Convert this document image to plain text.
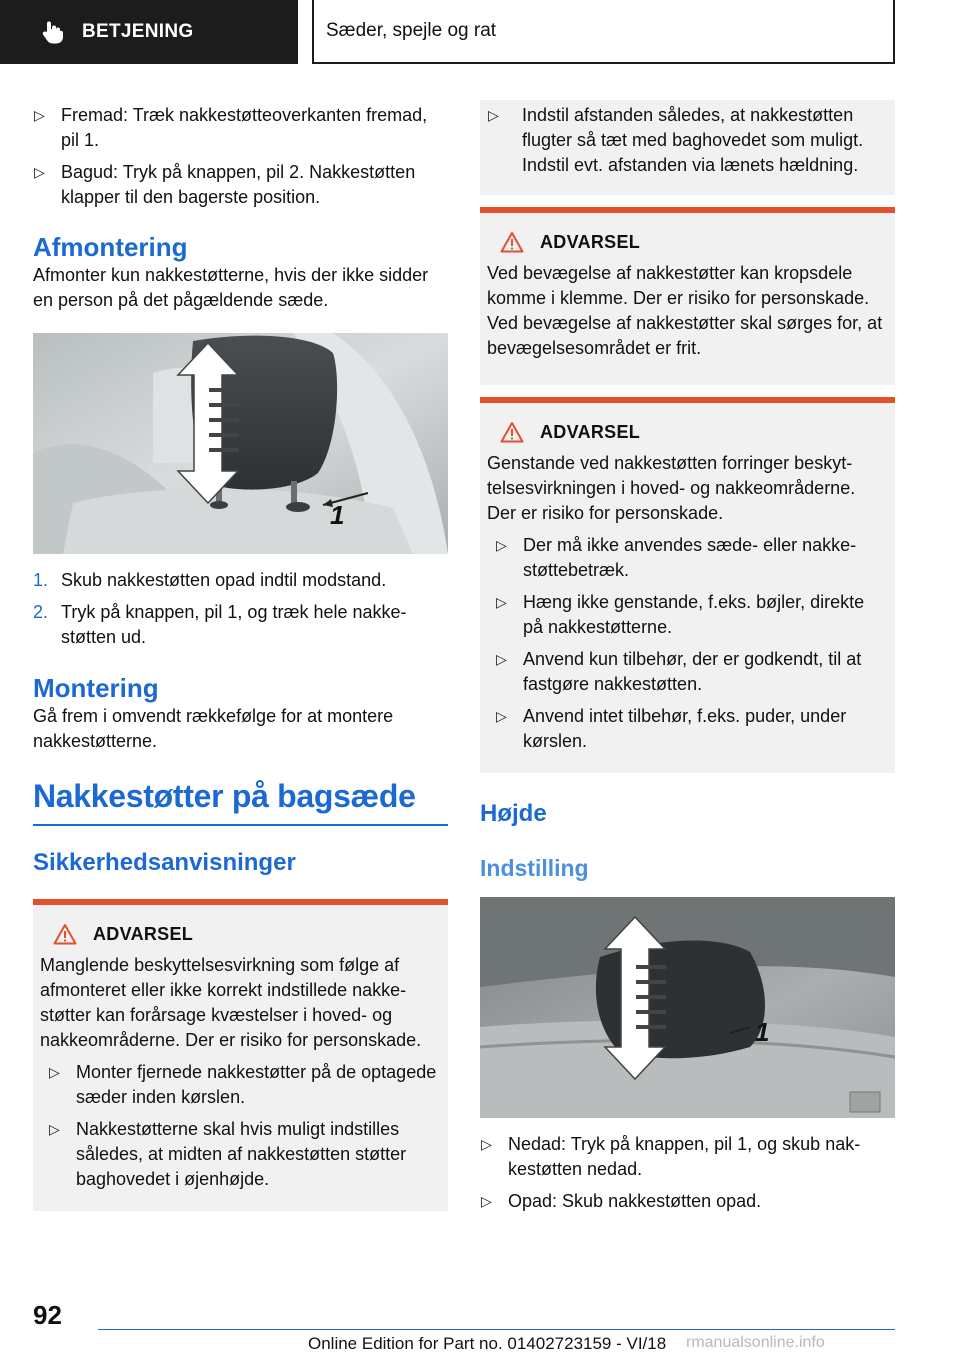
BETJENING	Sæder, spejle og rat
▷ Fremad: Træk nakkestøtteoverkanten fremad, pil 1.
▷ Bagud: Tryk på knappen, pil 2. Nakkestøtten klapper til den bagerste position.
Afmontering

Afmonter kun nakkestøtterne, hvis der ikke sidder en person på det pågældende sæde.

1
1. Skub nakkestøtten opad indtil modstand.
2. Tryk på knappen, pil 1, og træk hele nakkestøtten ud.
Montering

Gå frem i omvendt rækkefølge for at montere nakkestøtterne.

Nakkestøtter på bagsæde
Sikkerhedsanvisninger
ADVARSEL

Manglende beskyttelsesvirkning som følge af afmonteret eller ikke korrekt indstillede nakkestøtter kan forårsage kvæstelser i hoved- og nakkeområderne. Der er risiko for personskade.

▷ Monter fjernede nakkestøtter på de optagede sæder inden kørslen.
▷ Nakkestøtterne skal hvis muligt indstilles således, at midten af nakkestøtten støtter baghovedet i øjenhøjde.
▷ Indstil afstanden således, at nakkestøtten flugter så tæt med baghovedet som muligt. Indstil evt. afstanden via lænets hældning.
ADVARSEL

Ved bevægelse af nakkestøtter kan kropsdele komme i klemme. Der er risiko for personskade. Ved bevægelse af nakkestøtter skal sørges for, at bevægelsesområdet er frit.

ADVARSEL

Genstande ved nakkestøtten forringer beskyttelsesvirkningen i hoved- og nakkeområderne. Der er risiko for personskade.

▷ Der må ikke anvendes sæde- eller nakkestøttebetræk.
▷ Hæng ikke genstande, f.eks. bøjler, direkte på nakkestøtterne.
▷ Anvend kun tilbehør, der er godkendt, til at fastgøre nakkestøtten.
▷ Anvend intet tilbehør, f.eks. puder, under kørslen.
Højde
Indstilling
1
▷ Nedad: Tryk på knappen, pil 1, og skub nakkestøtten nedad.
▷ Opad: Skub nakkestøtten opad.
92
Online Edition for Part no. 01402723159 - VI/18 rmanualsonline.info
